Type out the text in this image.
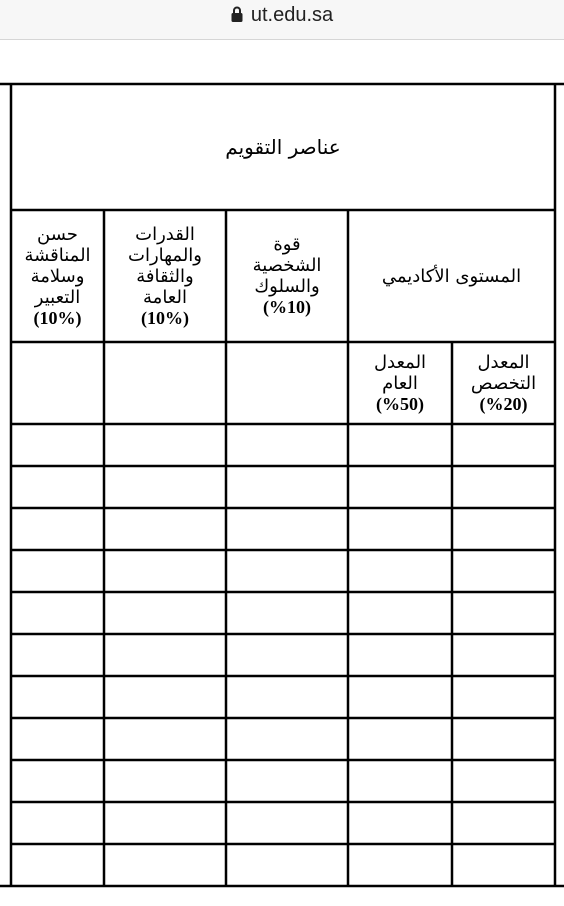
ut.edu.sa
عناصر التقويم

حسن
المناقشة
وسلامة
التعبير

(10%)

القدرات
والمهارات
والثقافة
العامة

(10%)

قوة
الشخصية
والسلوك

(%10)

المستوى الأكاديمي

المعدل
العام

(%50)

المعدل
التخصص

(%20)
